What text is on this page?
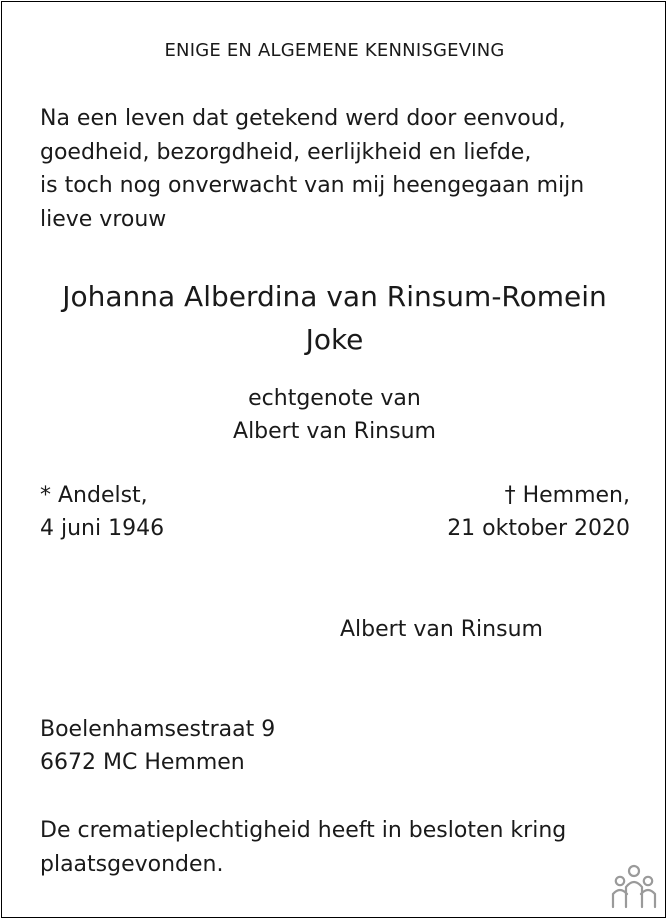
ENIGE EN ALGEMENE KENNISGEVING
Na een leven dat getekend werd door eenvoud,
goedheid, bezorgdheid, eerlijkheid en liefde,
is toch nog onverwacht van mij heengegaan mijn
lieve vrouw
Johanna Alberdina van Rinsum-Romein
Joke
echtgenote van
Albert van Rinsum
* Andelst,
4 juni 1946
† Hemmen,
21 oktober 2020
Albert van Rinsum
Boelenhamsestraat 9
6672 MC Hemmen
De crematieplechtigheid heeft in besloten kring
plaatsgevonden.
